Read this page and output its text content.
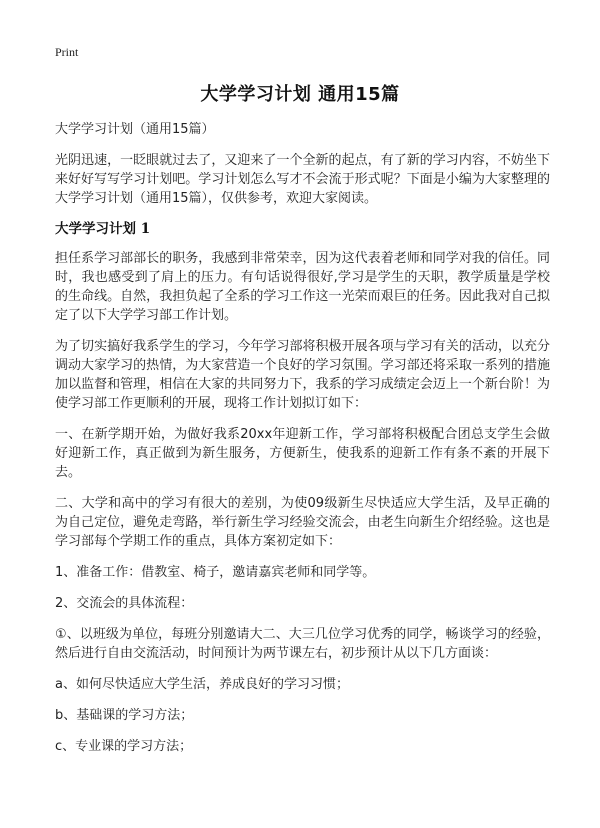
Print
大学学习计划 通用15篇
大学学习计划（通用15篇）
光阴迅速，一眨眼就过去了，又迎来了一个全新的起点，有了新的学习内容，不妨坐下来好好写写学习计划吧。学习计划怎么写才不会流于形式呢？下面是小编为大家整理的大学学习计划（通用15篇），仅供参考，欢迎大家阅读。
大学学习计划 1
担任系学习部部长的职务，我感到非常荣幸，因为这代表着老师和同学对我的信任。同时，我也感受到了肩上的压力。有句话说得很好,学习是学生的天职，教学质量是学校的生命线。自然，我担负起了全系的学习工作这一光荣而艰巨的任务。因此我对自己拟定了以下大学学习部工作计划。
为了切实搞好我系学生的学习，今年学习部将积极开展各项与学习有关的活动，以充分调动大家学习的热情，为大家营造一个良好的学习氛围。学习部还将采取一系列的措施加以监督和管理，相信在大家的共同努力下，我系的学习成绩定会迈上一个新台阶！为使学习部工作更顺利的开展，现将工作计划拟订如下：
一、在新学期开始，为做好我系20xx年迎新工作，学习部将积极配合团总支学生会做好迎新工作，真正做到为新生服务，方便新生，使我系的迎新工作有条不紊的开展下去。
二、大学和高中的学习有很大的差别，为使09级新生尽快适应大学生活，及早正确的为自己定位，避免走弯路，举行新生学习经验交流会，由老生向新生介绍经验。这也是学习部每个学期工作的重点，具体方案初定如下：
1、准备工作：借教室、椅子，邀请嘉宾老师和同学等。
2、交流会的具体流程：
①、以班级为单位，每班分别邀请大二、大三几位学习优秀的同学，畅谈学习的经验，然后进行自由交流活动，时间预计为两节课左右，初步预计从以下几方面谈：
a、如何尽快适应大学生活，养成良好的学习习惯；
b、基础课的学习方法；
c、专业课的学习方法；
